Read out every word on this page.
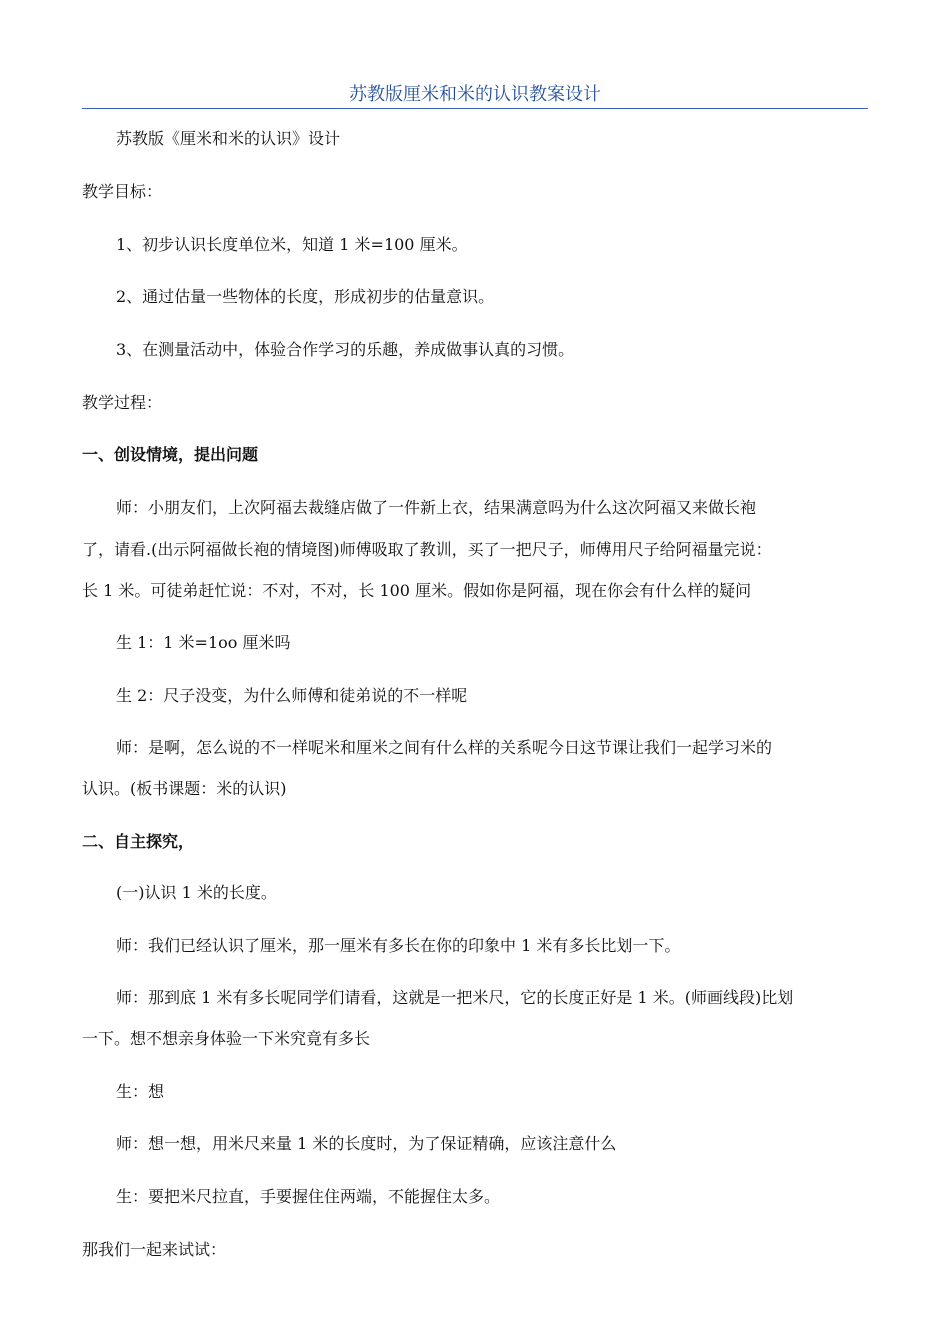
苏教版厘米和米的认识教案设计
苏教版《厘米和米的认识》设计
教学目标：
1、初步认识长度单位米，知道 1 米=100 厘米。
2、通过估量一些物体的长度，形成初步的估量意识。
3、在测量活动中，体验合作学习的乐趣，养成做事认真的习惯。
教学过程：
一、创设情境，提出问题
师：小朋友们，上次阿福去裁缝店做了一件新上衣，结果满意吗为什么这次阿福又来做长袍
了，请看.(出示阿福做长袍的情境图)师傅吸取了教训，买了一把尺子，师傅用尺子给阿福量完说：
长 1 米。可徒弟赶忙说：不对，不对，长 100 厘米。假如你是阿福，现在你会有什么样的疑问
生 1：1 米=1oo 厘米吗
生 2：尺子没变，为什么师傅和徒弟说的不一样呢
师：是啊，怎么说的不一样呢米和厘米之间有什么样的关系呢今日这节课让我们一起学习米的
认识。(板书课题：米的认识)
二、自主探究，
(一)认识 1 米的长度。
师：我们已经认识了厘米，那一厘米有多长在你的印象中 1 米有多长比划一下。
师：那到底 1 米有多长呢同学们请看，这就是一把米尺，它的长度正好是 1 米。(师画线段)比划
一下。想不想亲身体验一下米究竟有多长
生：想
师：想一想，用米尺来量 1 米的长度时，为了保证精确，应该注意什么
生：要把米尺拉直，手要握住住两端，不能握住太多。
那我们一起来试试：
